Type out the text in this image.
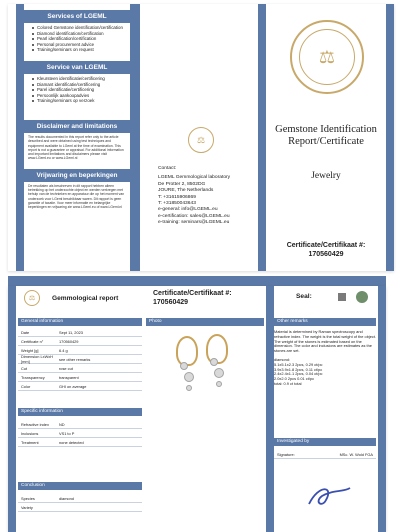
Services of LGEML
Colored Gemstone identification/certification
Diamond identification/certification
Pearl identification/certification
Personal procurement advice
Training/seminars on request
Service van LGEML
Kleursteen identificatie/certificering
Diamant identificatie/certificering
Parel identificatie/certificering
Persoonlijk aankoopadvies
Training/seminars op verzoek
Disclaimer and limitations
The results documented in this report refer only to the article described and were obtained using test techniques and equipment available to LGeml at the time of examination. This report is not a guarantee or appraisal. For additional information and important limitations and disclaimers please visit www.LGeml.eu or www.LGeml.nl
Vrijwaring en beperkingen
De resultaten als beschreven in dit rapport hebben alleen betrekking op het onderzochte object en werden verkregen met behulp van de technieken en apparatuur die op het moment van onderzoek voor LGeml beschikbaar waren. Dit rapport is geen garantie of taxatie. Voor meer informatie en belangrijke beperkingen en vrijwaring zie www.LGeml.eu of www.LGeml.nl
⚖
Contact:
LGEML Gemmological laboratory
De Protter 2, 8502DG
JOURE, The Netherlands
T: +31615906869
T: +31850043643
e-general: info@LGEML.eu
e-certification: sales@LGEML.eu
e-training: seminars@LGEML.eu
⚖
Gemstone Identification Report/Certificate
Jewelry
Certificate/Certifikaat #:
170560429
⚖	Gemmological report
Certificate/Certifikaat #:
170560429
Seal:
General information
Date	Sept 11, 2023
Certificate n°	170560429
Weight [g]	6.4 g
Dimension LxWxH [mm]	see other remarks
Cut	rose cut
Transparency	transparent
Color	GHI on average
Specific information
Refractive index	ND
Inclusions	VS1 to P
Treatment	none detected
Conclusion
Species	diamond
Variety
Photo	Other remarks
Material is determined by Raman spectroscopy and refractive index. The weight is the total weight of the object. The weight of the stones is estimated based on the dimension. The color and inclusions are estimates as the stones are set.
diamond:
5.1x5.1x2.3 2pcs, 0.29 ct/pc
3.9x3.9x1.8 2pcs, 0.11 ct/pc
2.4x2.4x1.1 2pcs, 0.04 ct/pc
2.0x2.0 2pcs 0.01 ct/pc
total: 0.9 ct total
Investigated by
Signature:	MSc. W. Wold FGA
